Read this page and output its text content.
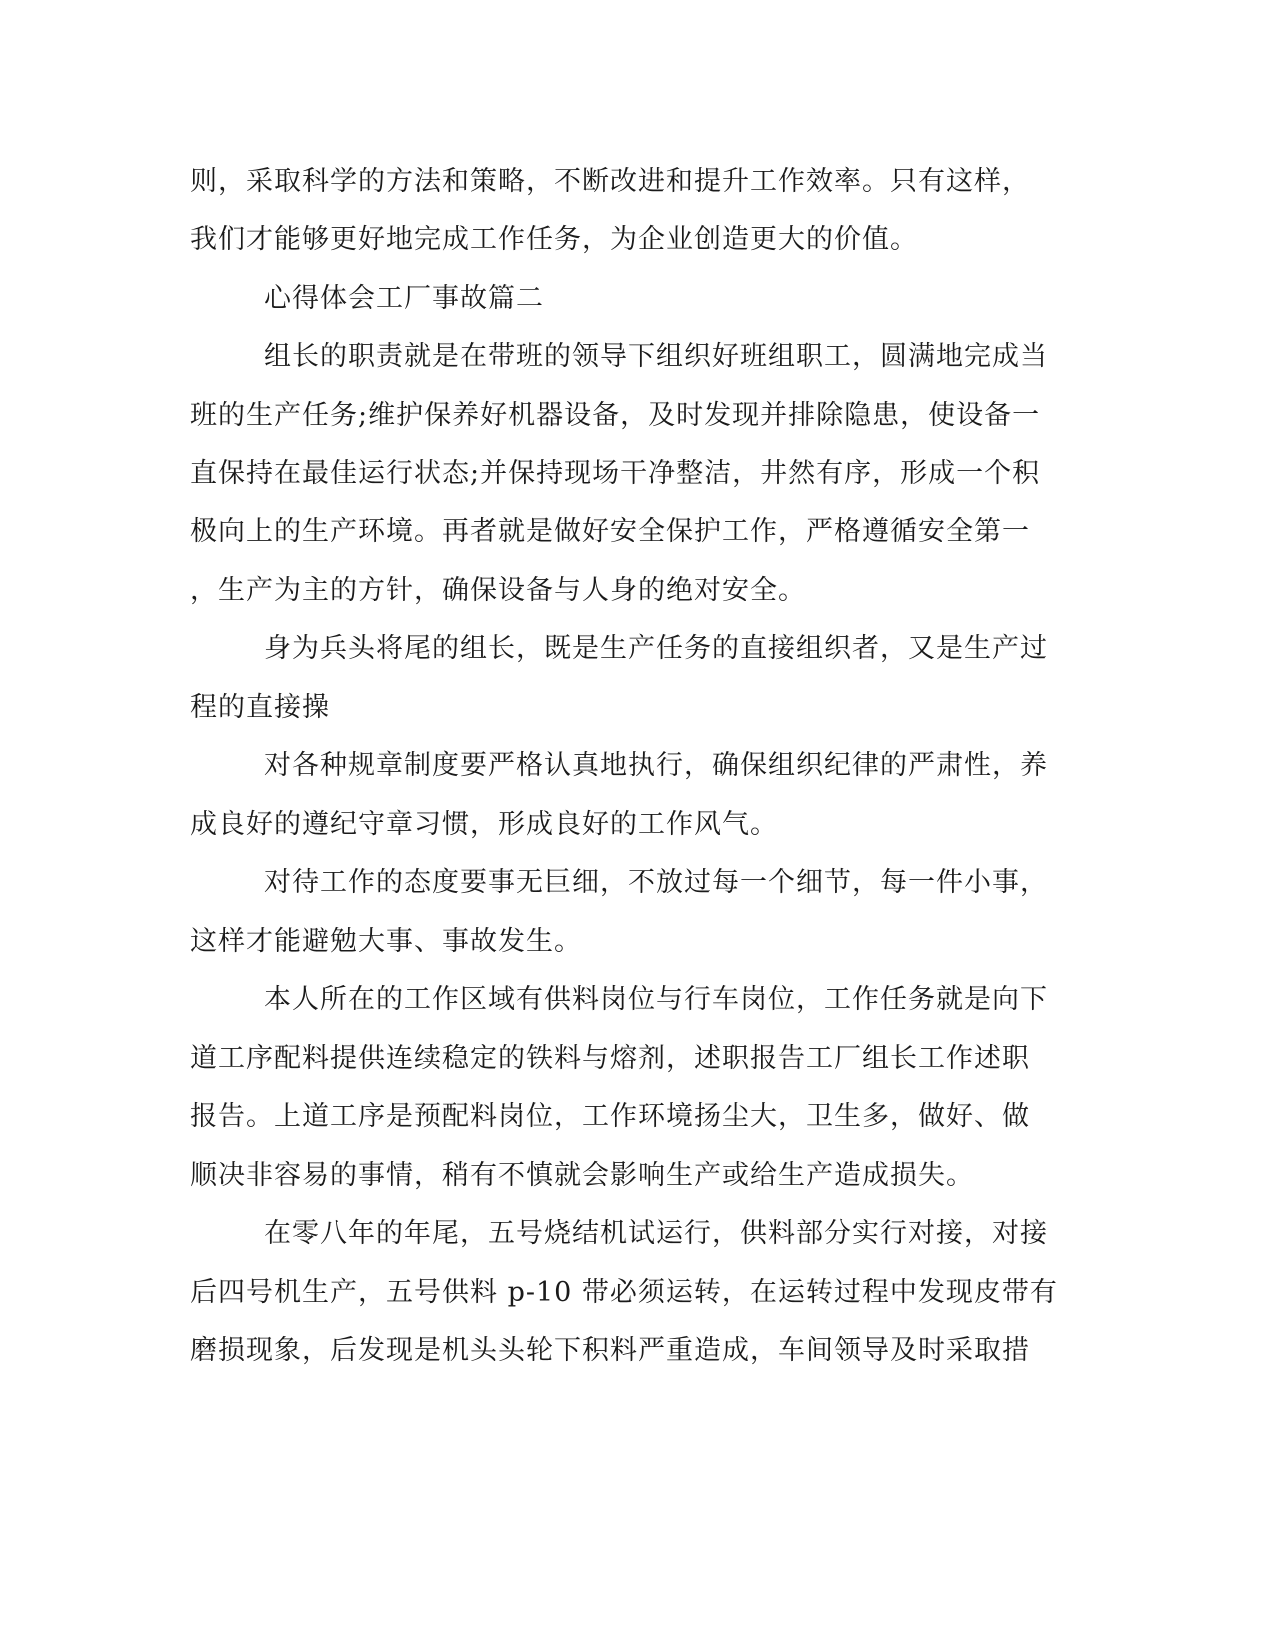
则，采取科学的方法和策略，不断改进和提升工作效率。只有这样，

我们才能够更好地完成工作任务，为企业创造更大的价值。

心得体会工厂事故篇二

组长的职责就是在带班的领导下组织好班组职工，圆满地完成当

班的生产任务;维护保养好机器设备，及时发现并排除隐患，使设备一

直保持在最佳运行状态;并保持现场干净整洁，井然有序，形成一个积

极向上的生产环境。再者就是做好安全保护工作，严格遵循安全第一

，生产为主的方针，确保设备与人身的绝对安全。

身为兵头将尾的组长，既是生产任务的直接组织者，又是生产过

程的直接操

对各种规章制度要严格认真地执行，确保组织纪律的严肃性，养

成良好的遵纪守章习惯，形成良好的工作风气。

对待工作的态度要事无巨细，不放过每一个细节，每一件小事，

这样才能避勉大事、事故发生。

本人所在的工作区域有供料岗位与行车岗位，工作任务就是向下

道工序配料提供连续稳定的铁料与熔剂，述职报告工厂组长工作述职

报告。上道工序是预配料岗位，工作环境扬尘大，卫生多，做好、做

顺决非容易的事情，稍有不慎就会影响生产或给生产造成损失。

在零八年的年尾，五号烧结机试运行，供料部分实行对接，对接

后四号机生产，五号供料 p-10 带必须运转，在运转过程中发现皮带有

磨损现象，后发现是机头头轮下积料严重造成，车间领导及时采取措
